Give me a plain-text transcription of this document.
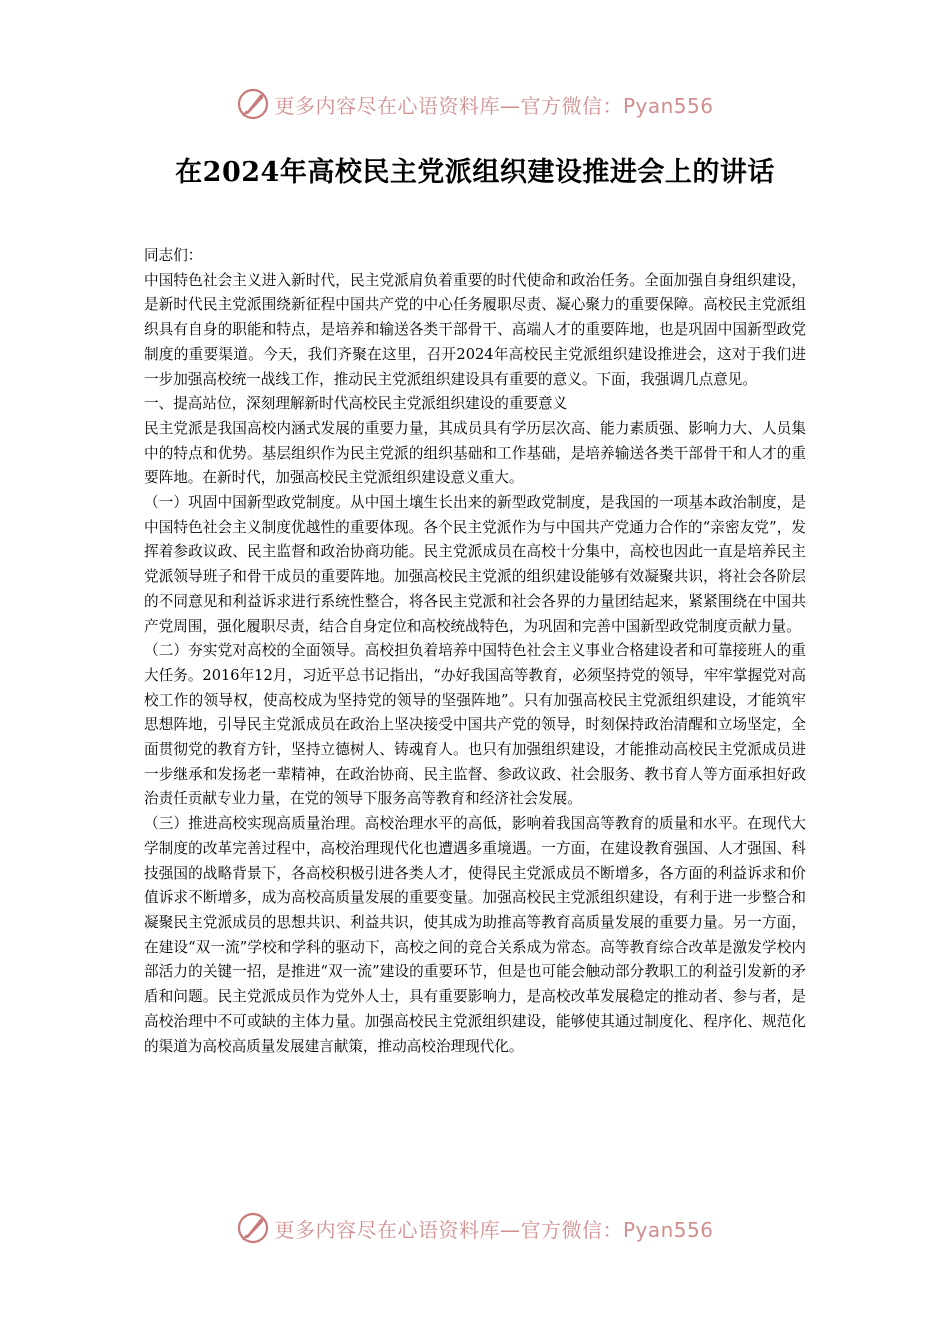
更多内容尽在心语资料库—官方微信：Pyan556
在2024年高校民主党派组织建设推进会上的讲话

同志们：

中国特色社会主义进入新时代，民主党派肩负着重要的时代使命和政治任务。全面加强自身组织建设，是新时代民主党派围绕新征程中国共产党的中心任务履职尽责、凝心聚力的重要保障。高校民主党派组织具有自身的职能和特点，是培养和输送各类干部骨干、高端人才的重要阵地，也是巩固中国新型政党制度的重要渠道。今天，我们齐聚在这里，召开2024年高校民主党派组织建设推进会，这对于我们进一步加强高校统一战线工作，推动民主党派组织建设具有重要的意义。下面，我强调几点意见。

一、提高站位，深刻理解新时代高校民主党派组织建设的重要意义

民主党派是我国高校内涵式发展的重要力量，其成员具有学历层次高、能力素质强、影响力大、人员集中的特点和优势。基层组织作为民主党派的组织基础和工作基础，是培养输送各类干部骨干和人才的重要阵地。在新时代，加强高校民主党派组织建设意义重大。

（一）巩固中国新型政党制度。从中国土壤生长出来的新型政党制度，是我国的一项基本政治制度，是中国特色社会主义制度优越性的重要体现。各个民主党派作为与中国共产党通力合作的“亲密友党”，发挥着参政议政、民主监督和政治协商功能。民主党派成员在高校十分集中，高校也因此一直是培养民主党派领导班子和骨干成员的重要阵地。加强高校民主党派的组织建设能够有效凝聚共识，将社会各阶层的不同意见和利益诉求进行系统性整合，将各民主党派和社会各界的力量团结起来，紧紧围绕在中国共产党周围，强化履职尽责，结合自身定位和高校统战特色，为巩固和完善中国新型政党制度贡献力量。

（二）夯实党对高校的全面领导。高校担负着培养中国特色社会主义事业合格建设者和可靠接班人的重大任务。2016年12月，习近平总书记指出，“办好我国高等教育，必须坚持党的领导，牢牢掌握党对高校工作的领导权，使高校成为坚持党的领导的坚强阵地”。只有加强高校民主党派组织建设，才能筑牢思想阵地，引导民主党派成员在政治上坚决接受中国共产党的领导，时刻保持政治清醒和立场坚定，全面贯彻党的教育方针，坚持立德树人、铸魂育人。也只有加强组织建设，才能推动高校民主党派成员进一步继承和发扬老一辈精神，在政治协商、民主监督、参政议政、社会服务、教书育人等方面承担好政治责任贡献专业力量，在党的领导下服务高等教育和经济社会发展。

（三）推进高校实现高质量治理。高校治理水平的高低，影响着我国高等教育的质量和水平。在现代大学制度的改革完善过程中，高校治理现代化也遭遇多重境遇。一方面，在建设教育强国、人才强国、科技强国的战略背景下，各高校积极引进各类人才，使得民主党派成员不断增多，各方面的利益诉求和价值诉求不断增多，成为高校高质量发展的重要变量。加强高校民主党派组织建设，有利于进一步整合和凝聚民主党派成员的思想共识、利益共识，使其成为助推高等教育高质量发展的重要力量。另一方面，在建设“双一流”学校和学科的驱动下，高校之间的竞合关系成为常态。高等教育综合改革是激发学校内部活力的关键一招，是推进“双一流”建设的重要环节，但是也可能会触动部分教职工的利益引发新的矛盾和问题。民主党派成员作为党外人士，具有重要影响力，是高校改革发展稳定的推动者、参与者，是高校治理中不可或缺的主体力量。加强高校民主党派组织建设，能够使其通过制度化、程序化、规范化的渠道为高校高质量发展建言献策，推动高校治理现代化。

更多内容尽在心语资料库—官方微信：Pyan556
